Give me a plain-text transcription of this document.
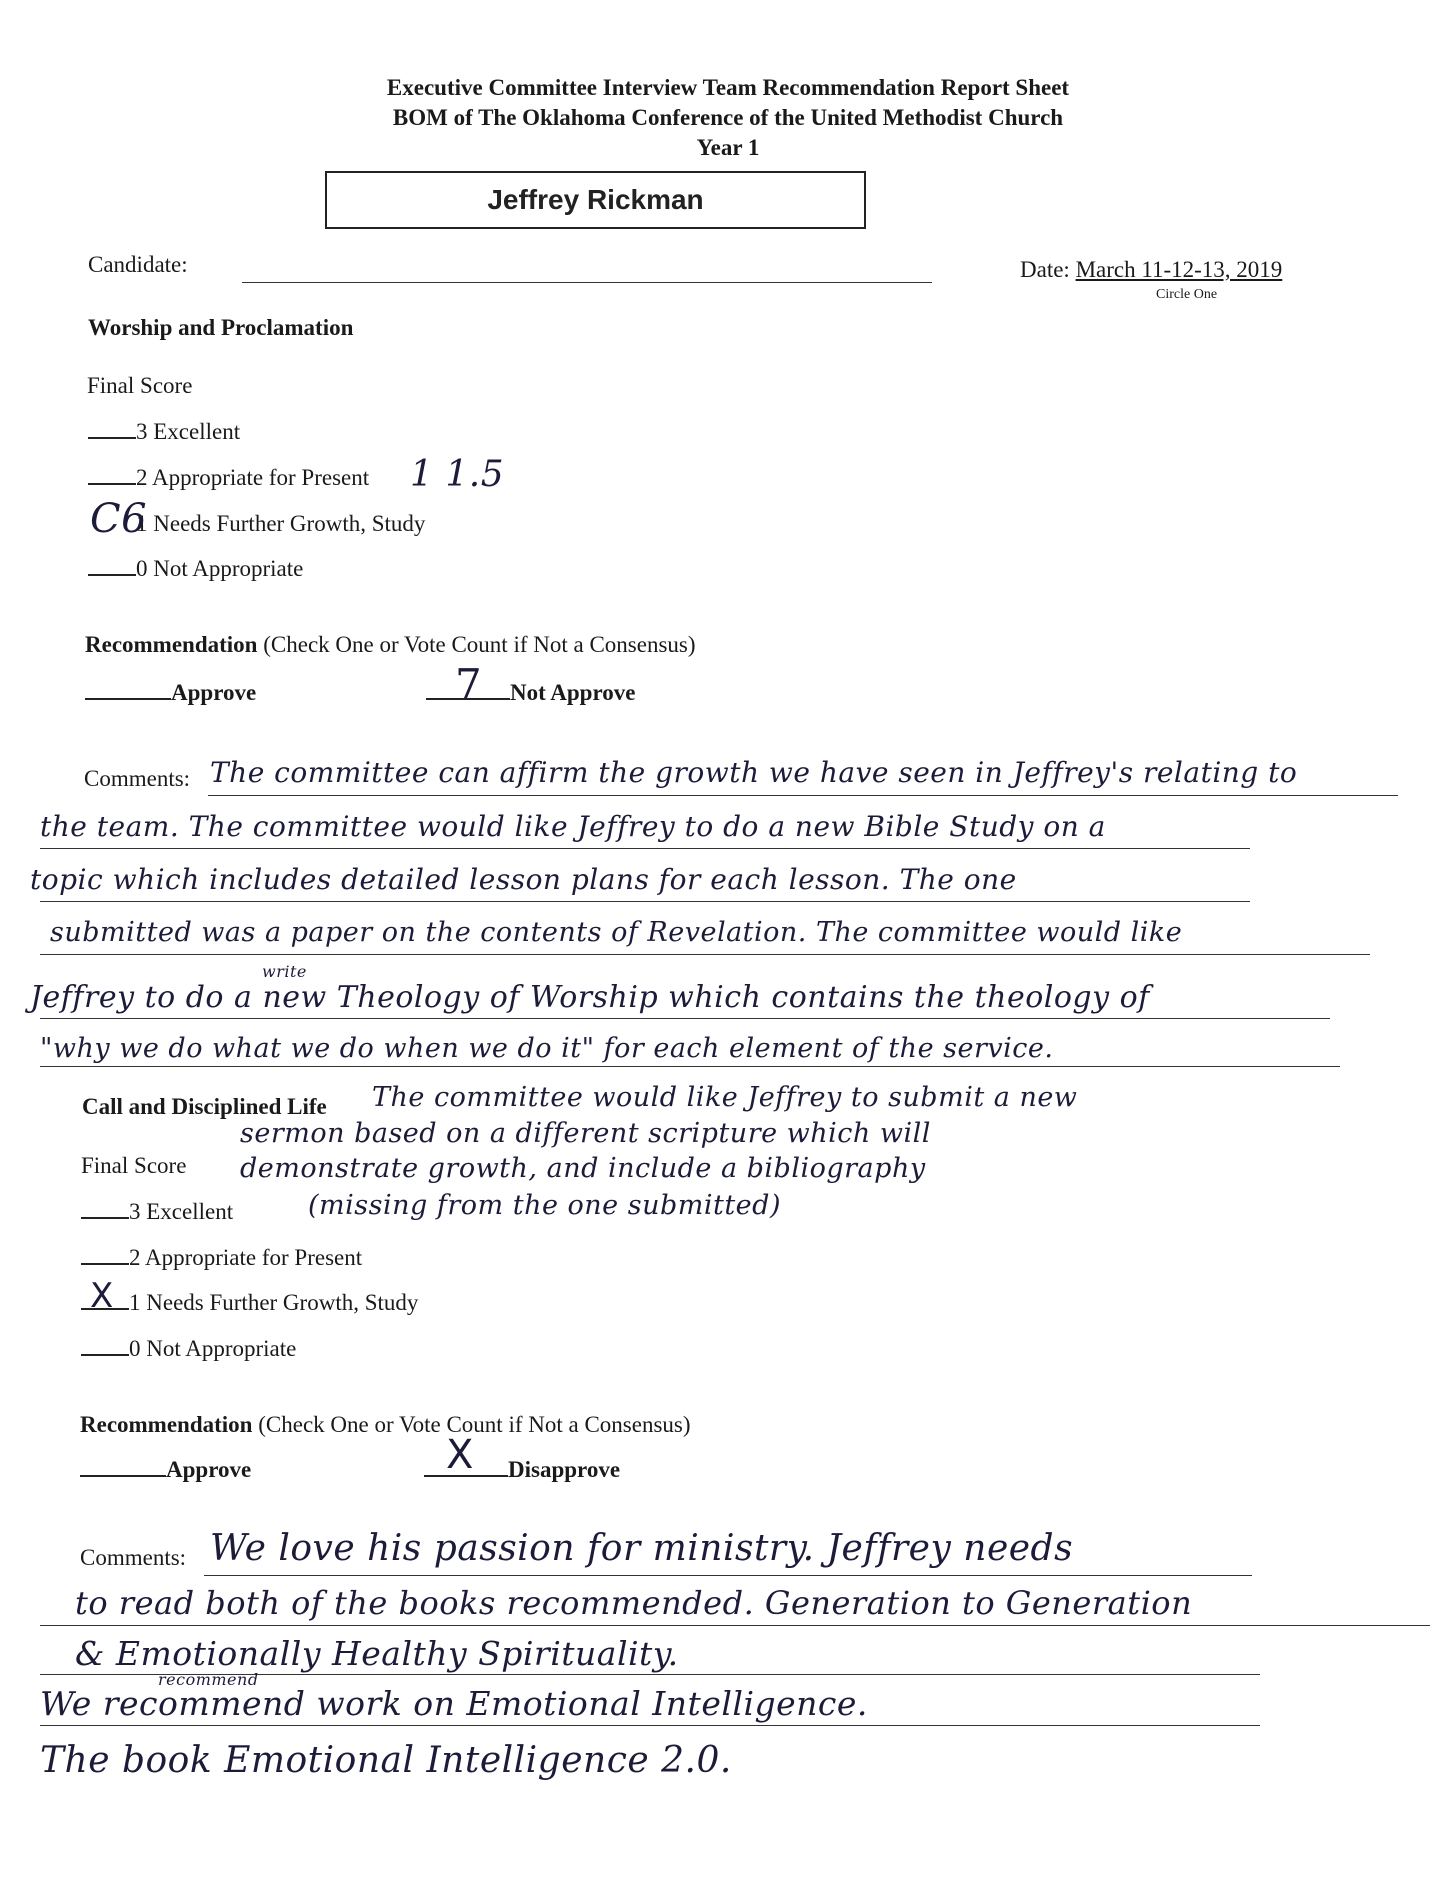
Executive Committee Interview Team Recommendation Report Sheet
BOM of The Oklahoma Conference of the United Methodist Church
Year 1
Jeffrey Rickman
Candidate:	Date: March 11-12-13, 2019
Circle One
Worship and Proclamation
Final Score
3 Excellent
2 Appropriate for Present 1 1.5
1 Needs Further Growth, Study
C6
0 Not Appropriate
Recommendation (Check One or Vote Count if Not a Consensus)
Approve	Not Approve
7
Comments: The committee can affirm the growth we have seen in Jeffrey's relating to
the team. The committee would like Jeffrey to do a new Bible Study on a
topic which includes detailed lesson plans for each lesson. The one
submitted was a paper on the contents of Revelation. The committee would like
write
Jeffrey to do a new Theology of Worship which contains the theology of
"why we do what we do when we do it" for each element of the service.
Call and Disciplined Life
Final Score
The committee would like Jeffrey to submit a new
sermon based on a different scripture which will
demonstrate growth, and include a bibliography
(missing from the one submitted)
3 Excellent
2 Appropriate for Present
1 Needs Further Growth, Study
X
0 Not Appropriate
Recommendation (Check One or Vote Count if Not a Consensus)
Approve	Disapprove
X
Comments: We love his passion for ministry. Jeffrey needs
to read both of the books recommended. Generation to Generation
& Emotionally Healthy Spirituality.
recommend
We recommend work on Emotional Intelligence.
The book Emotional Intelligence 2.0.
